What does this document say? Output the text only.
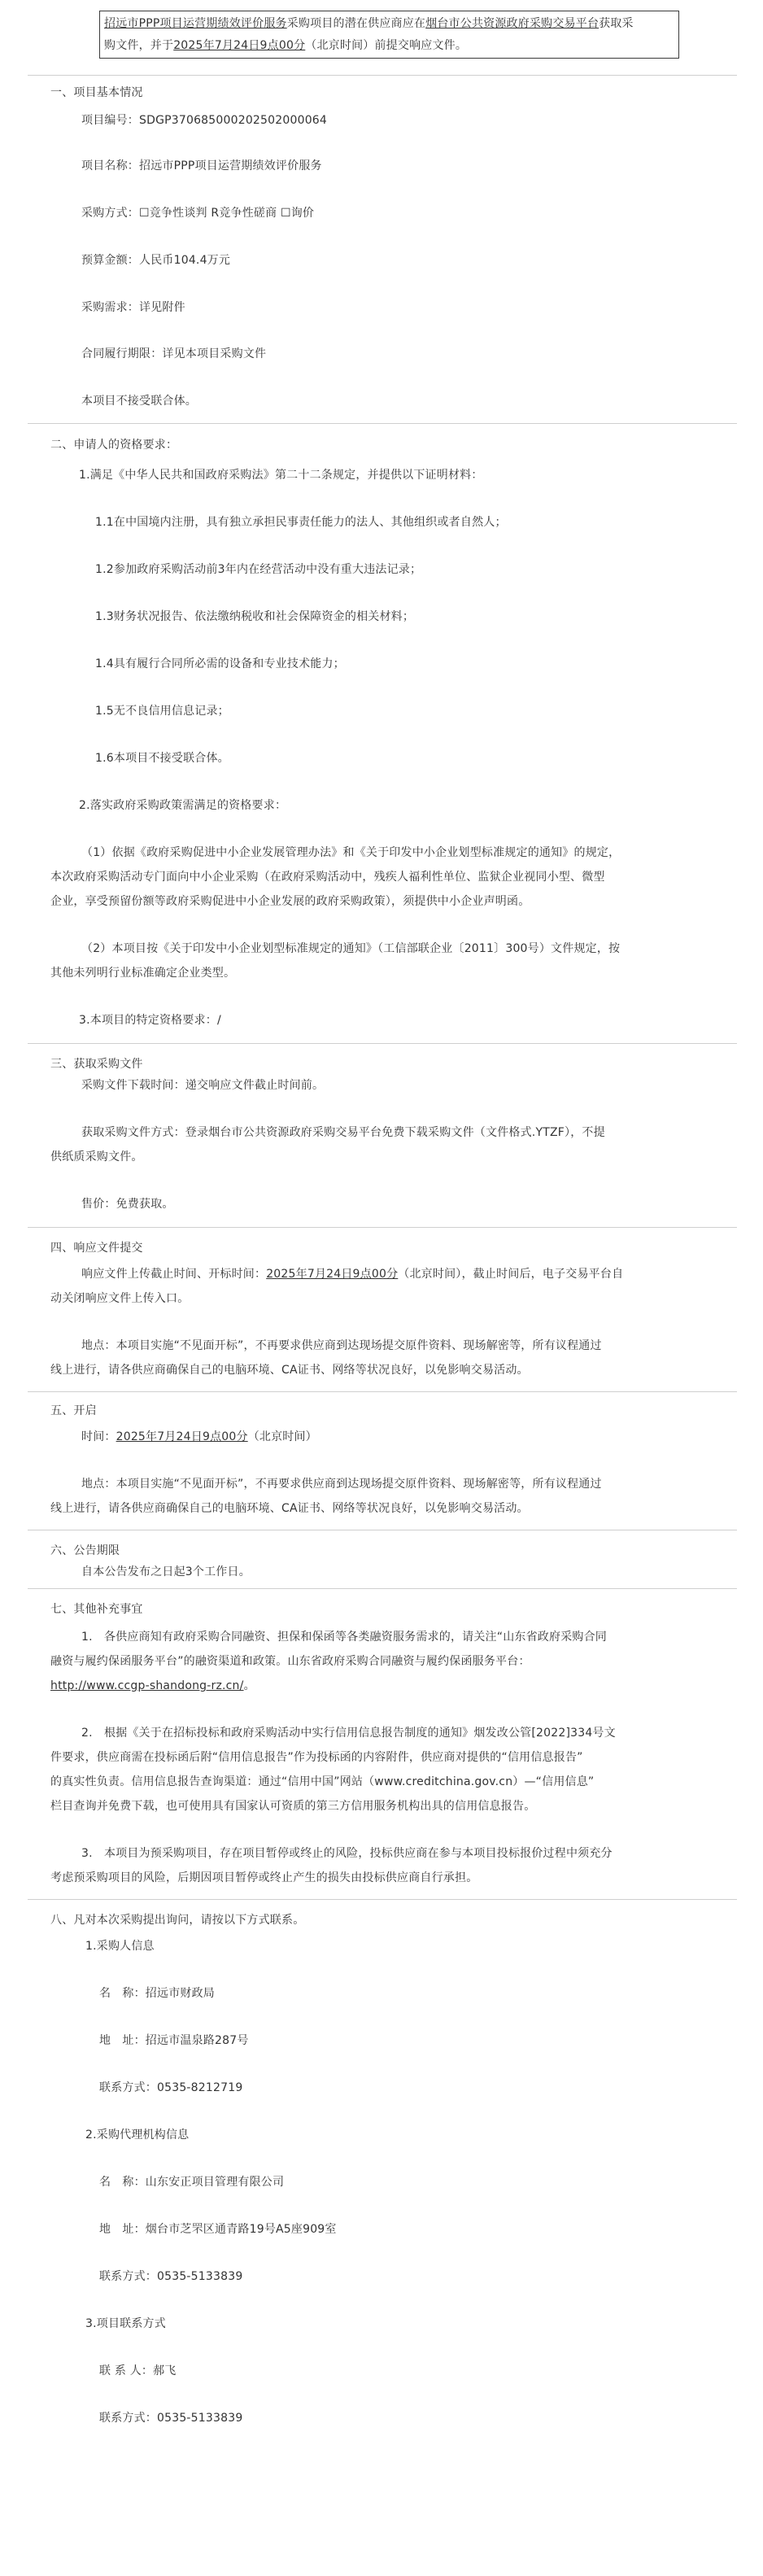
招远市PPP项目运营期绩效评价服务采购项目的潜在供应商应在烟台市公共资源政府采购交易平台获取采
购文件，并于2025年7月24日9点00分（北京时间）前提交响应文件。
一、项目基本情况
项目编号：SDGP370685000202502000064
项目名称：招远市PPP项目运营期绩效评价服务
采购方式：☐竞争性谈判 R竞争性磋商 ☐询价
预算金额：人民币104.4万元
采购需求：详见附件
合同履行期限：详见本项目采购文件
本项目不接受联合体。
二、申请人的资格要求：
1.满足《中华人民共和国政府采购法》第二十二条规定，并提供以下证明材料：
1.1在中国境内注册，具有独立承担民事责任能力的法人、其他组织或者自然人；
1.2参加政府采购活动前3年内在经营活动中没有重大违法记录；
1.3财务状况报告、依法缴纳税收和社会保障资金的相关材料；
1.4具有履行合同所必需的设备和专业技术能力；
1.5无不良信用信息记录；
1.6本项目不接受联合体。
2.落实政府采购政策需满足的资格要求：
（1）依据《政府采购促进中小企业发展管理办法》和《关于印发中小企业划型标准规定的通知》的规定，
本次政府采购活动专门面向中小企业采购（在政府采购活动中，残疾人福利性单位、监狱企业视同小型、微型
企业，享受预留份额等政府采购促进中小企业发展的政府采购政策），须提供中小企业声明函。
（2）本项目按《关于印发中小企业划型标准规定的通知》（工信部联企业〔2011〕300号）文件规定，按
其他未列明行业标准确定企业类型。
3.本项目的特定资格要求：/
三、获取采购文件
采购文件下载时间：递交响应文件截止时间前。
获取采购文件方式：登录烟台市公共资源政府采购交易平台免费下载采购文件（文件格式.YTZF），不提
供纸质采购文件。
售价：免费获取。
四、响应文件提交
响应文件上传截止时间、开标时间：2025年7月24日9点00分（北京时间），截止时间后，电子交易平台自
动关闭响应文件上传入口。
地点：本项目实施“不见面开标”，不再要求供应商到达现场提交原件资料、现场解密等，所有议程通过
线上进行，请各供应商确保自己的电脑环境、CA证书、网络等状况良好，以免影响交易活动。
五、开启
时间：2025年7月24日9点00分（北京时间）
地点：本项目实施“不见面开标”，不再要求供应商到达现场提交原件资料、现场解密等，所有议程通过
线上进行，请各供应商确保自己的电脑环境、CA证书、网络等状况良好，以免影响交易活动。
六、公告期限
自本公告发布之日起3个工作日。
七、其他补充事宜
1.　各供应商知有政府采购合同融资、担保和保函等各类融资服务需求的，请关注“山东省政府采购合同
融资与履约保函服务平台”的融资渠道和政策。山东省政府采购合同融资与履约保函服务平台：
http://www.ccgp-shandong-rz.cn/。
2.　根据《关于在招标投标和政府采购活动中实行信用信息报告制度的通知》烟发改公管[2022]334号文
件要求，供应商需在投标函后附“信用信息报告”作为投标函的内容附件，供应商对提供的“信用信息报告”
的真实性负责。信用信息报告查询渠道：通过“信用中国”网站（www.creditchina.gov.cn）—“信用信息”
栏目查询并免费下载，也可使用具有国家认可资质的第三方信用服务机构出具的信用信息报告。
3.　本项目为预采购项目，存在项目暂停或终止的风险，投标供应商在参与本项目投标报价过程中须充分
考虑预采购项目的风险，后期因项目暂停或终止产生的损失由投标供应商自行承担。
八、凡对本次采购提出询问，请按以下方式联系。
1.采购人信息
名　称：招远市财政局
地　址：招远市温泉路287号
联系方式：0535-8212719
2.采购代理机构信息
名　称：山东安正项目管理有限公司
地　址：烟台市芝罘区通青路19号A5座909室
联系方式：0535-5133839
3.项目联系方式
联 系 人：郝飞
联系方式：0535-5133839
